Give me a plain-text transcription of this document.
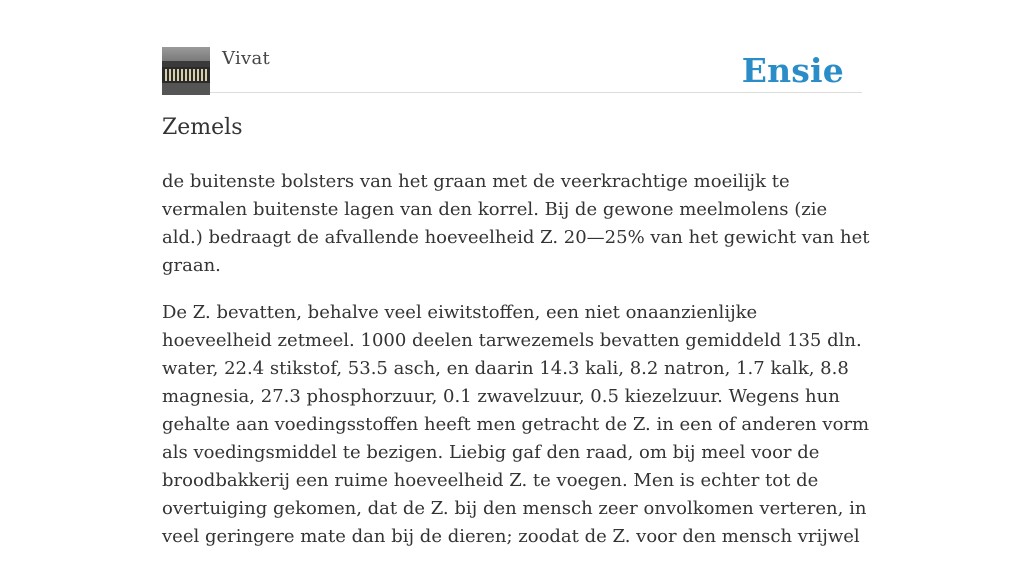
Vivat	Ensie
Zemels

de buitenste bolsters van het graan met de veerkrachtige moeilijk te vermalen buitenste lagen van den korrel. Bij de gewone meelmolens (zie ald.) bedraagt de afvallende hoeveelheid Z. 20—25% van het gewicht van het graan.

De Z. bevatten, behalve veel eiwitstoffen, een niet onaanzienlijke hoeveelheid zetmeel. 1000 deelen tarwezemels bevatten gemiddeld 135 dln. water, 22.4 stikstof, 53.5 asch, en daarin 14.3 kali, 8.2 natron, 1.7 kalk, 8.8 magnesia, 27.3 phosphorzuur, 0.1 zwavelzuur, 0.5 kiezelzuur. Wegens hun gehalte aan voedingsstoffen heeft men getracht de Z. in een of anderen vorm als voedingsmiddel te bezigen. Liebig gaf den raad, om bij meel voor de broodbakkerij een ruime hoeveelheid Z. te voegen. Men is echter tot de overtuiging gekomen, dat de Z. bij den mensch zeer onvolkomen verteren, in veel geringere mate dan bij de dieren; zoodat de Z. voor den mensch vrijwel
